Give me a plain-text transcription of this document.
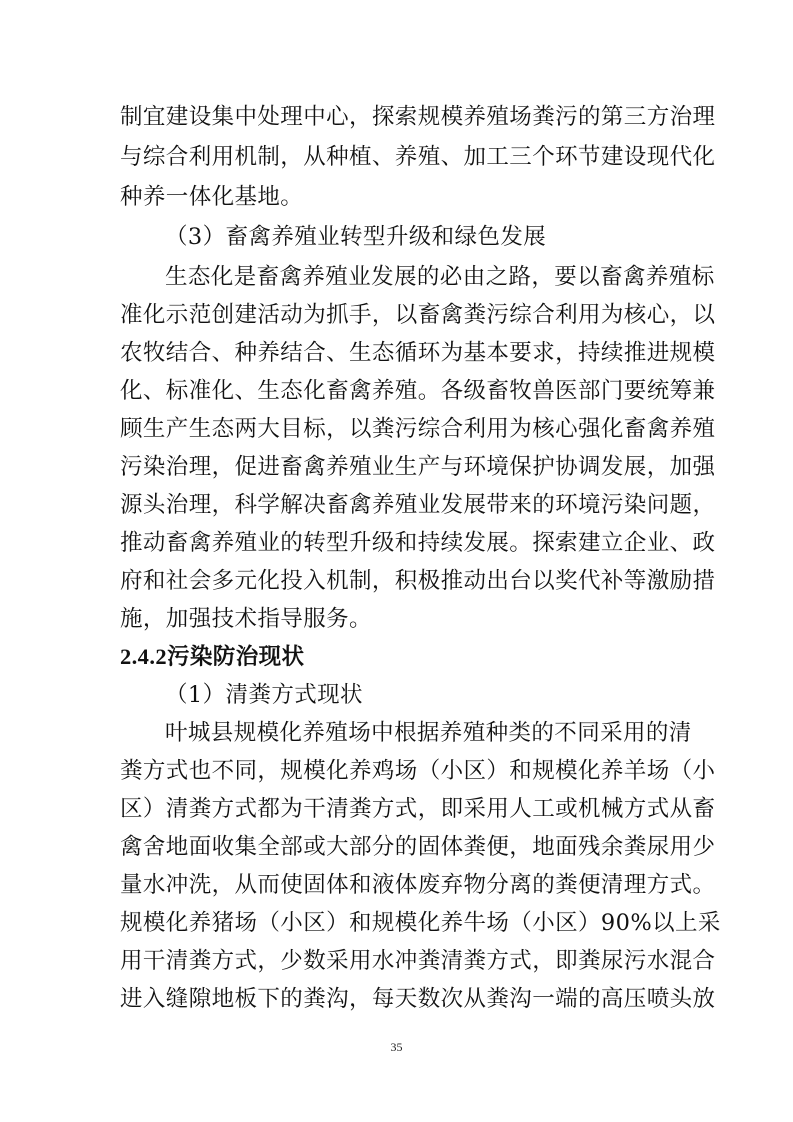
制宜建设集中处理中心，探索规模养殖场粪污的第三方治理
与综合利用机制，从种植、养殖、加工三个环节建设现代化
种养一体化基地。
（3）畜禽养殖业转型升级和绿色发展
生态化是畜禽养殖业发展的必由之路，要以畜禽养殖标
准化示范创建活动为抓手，以畜禽粪污综合利用为核心，以
农牧结合、种养结合、生态循环为基本要求，持续推进规模
化、标准化、生态化畜禽养殖。各级畜牧兽医部门要统筹兼
顾生产生态两大目标，以粪污综合利用为核心强化畜禽养殖
污染治理，促进畜禽养殖业生产与环境保护协调发展，加强
源头治理，科学解决畜禽养殖业发展带来的环境污染问题，
推动畜禽养殖业的转型升级和持续发展。探索建立企业、政
府和社会多元化投入机制，积极推动出台以奖代补等激励措
施，加强技术指导服务。
2.4.2污染防治现状
（1）清粪方式现状
叶城县规模化养殖场中根据养殖种类的不同采用的清
粪方式也不同，规模化养鸡场（小区）和规模化养羊场（小
区）清粪方式都为干清粪方式，即采用人工或机械方式从畜
禽舍地面收集全部或大部分的固体粪便，地面残余粪尿用少
量水冲洗，从而使固体和液体废弃物分离的粪便清理方式。
规模化养猪场（小区）和规模化养牛场（小区）90%以上采
用干清粪方式，少数采用水冲粪清粪方式，即粪尿污水混合
进入缝隙地板下的粪沟，每天数次从粪沟一端的高压喷头放
35
